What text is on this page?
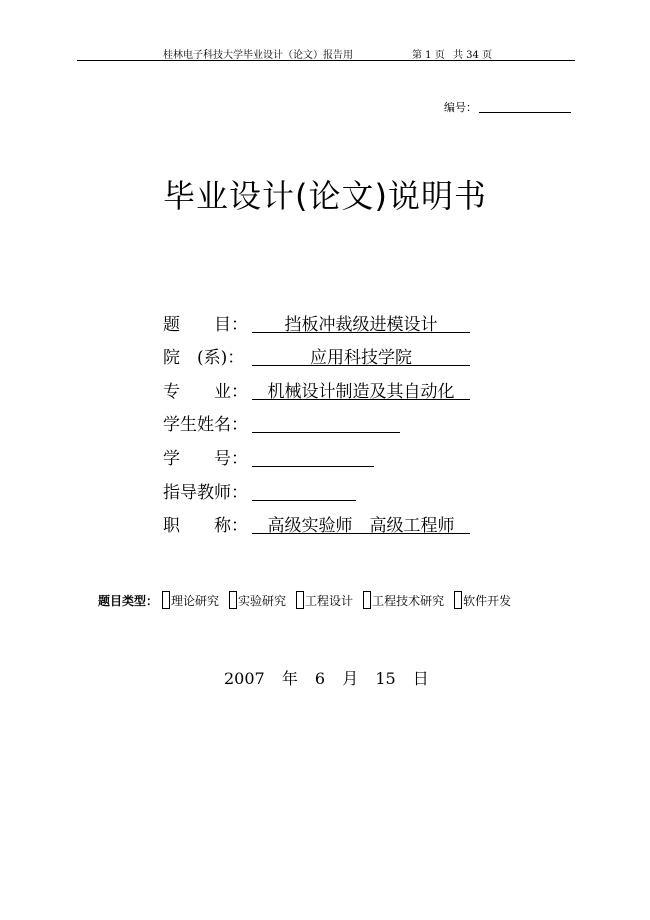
桂林电子科技大学毕业设计（论文）报告用	第 1 页 共 34 页
编号：
毕业设计(论文)说明书
题　　目：	挡板冲裁级进模设计
院　(系)：	应用科技学院
专　　业：	机械设计制造及其自动化
学生姓名：
学　　号：
指导教师：
职　　称：	高级实验师　高级工程师
题目类型： 理论研究 实验研究 工程设计 工程技术研究 软件开发
2007 年 6 月 15 日
